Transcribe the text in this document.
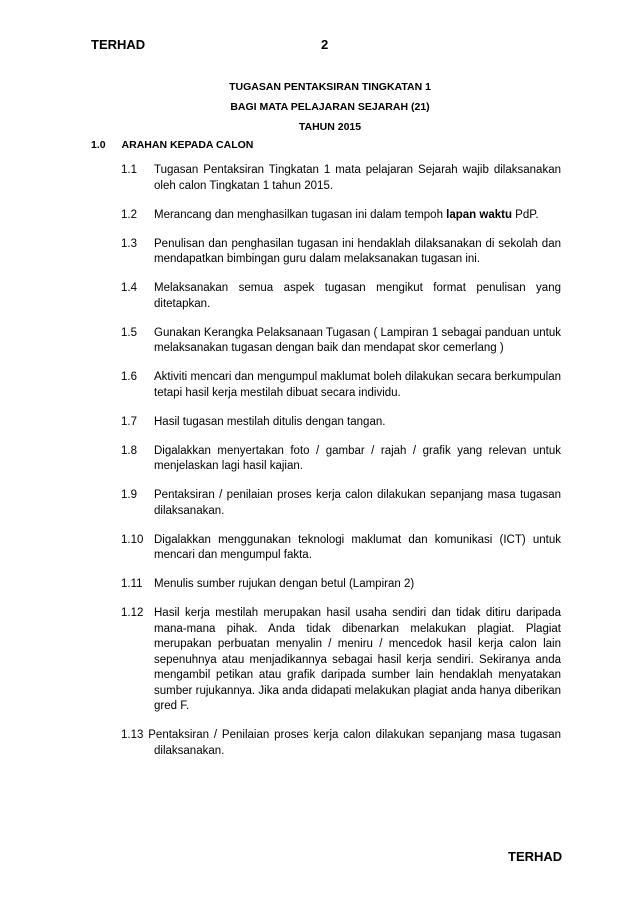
TERHAD	2
TUGASAN PENTAKSIRAN TINGKATAN 1
BAGI MATA PELAJARAN SEJARAH (21)
TAHUN 2015
1.0 ARAHAN KEPADA CALON
1.1	Tugasan Pentaksiran Tingkatan 1 mata pelajaran Sejarah wajib dilaksanakan oleh calon Tingkatan 1 tahun 2015.
1.2	Merancang dan menghasilkan tugasan ini dalam tempoh lapan waktu PdP.
1.3	Penulisan dan penghasilan tugasan ini hendaklah dilaksanakan di sekolah dan mendapatkan bimbingan guru dalam melaksanakan tugasan ini.
1.4	Melaksanakan semua aspek tugasan mengikut format penulisan yang ditetapkan.
1.5	Gunakan Kerangka Pelaksanaan Tugasan ( Lampiran 1 sebagai panduan untuk melaksanakan tugasan dengan baik dan mendapat skor cemerlang )
1.6	Aktiviti mencari dan mengumpul maklumat boleh dilakukan secara berkumpulan tetapi hasil kerja mestilah dibuat secara individu.
1.7	Hasil tugasan mestilah ditulis dengan tangan.
1.8	Digalakkan menyertakan foto / gambar / rajah / grafik yang relevan untuk menjelaskan lagi hasil kajian.
1.9	Pentaksiran / penilaian proses kerja calon dilakukan sepanjang masa tugasan dilaksanakan.
1.10 Digalakkan menggunakan teknologi maklumat dan komunikasi (ICT) untuk mencari dan mengumpul fakta.
1.11 Menulis sumber rujukan dengan betul (Lampiran 2)
1.12 Hasil kerja mestilah merupakan hasil usaha sendiri dan tidak ditiru daripada mana-mana pihak. Anda tidak dibenarkan melakukan plagiat. Plagiat merupakan perbuatan menyalin / meniru / mencedok hasil kerja calon lain sepenuhnya atau menjadikannya sebagai hasil kerja sendiri. Sekiranya anda mengambil petikan atau grafik daripada sumber lain hendaklah menyatakan sumber rujukannya. Jika anda didapati melakukan plagiat anda hanya diberikan gred F.
1.13 Pentaksiran / Penilaian proses kerja calon dilakukan sepanjang masa tugasan dilaksanakan.
TERHAD
